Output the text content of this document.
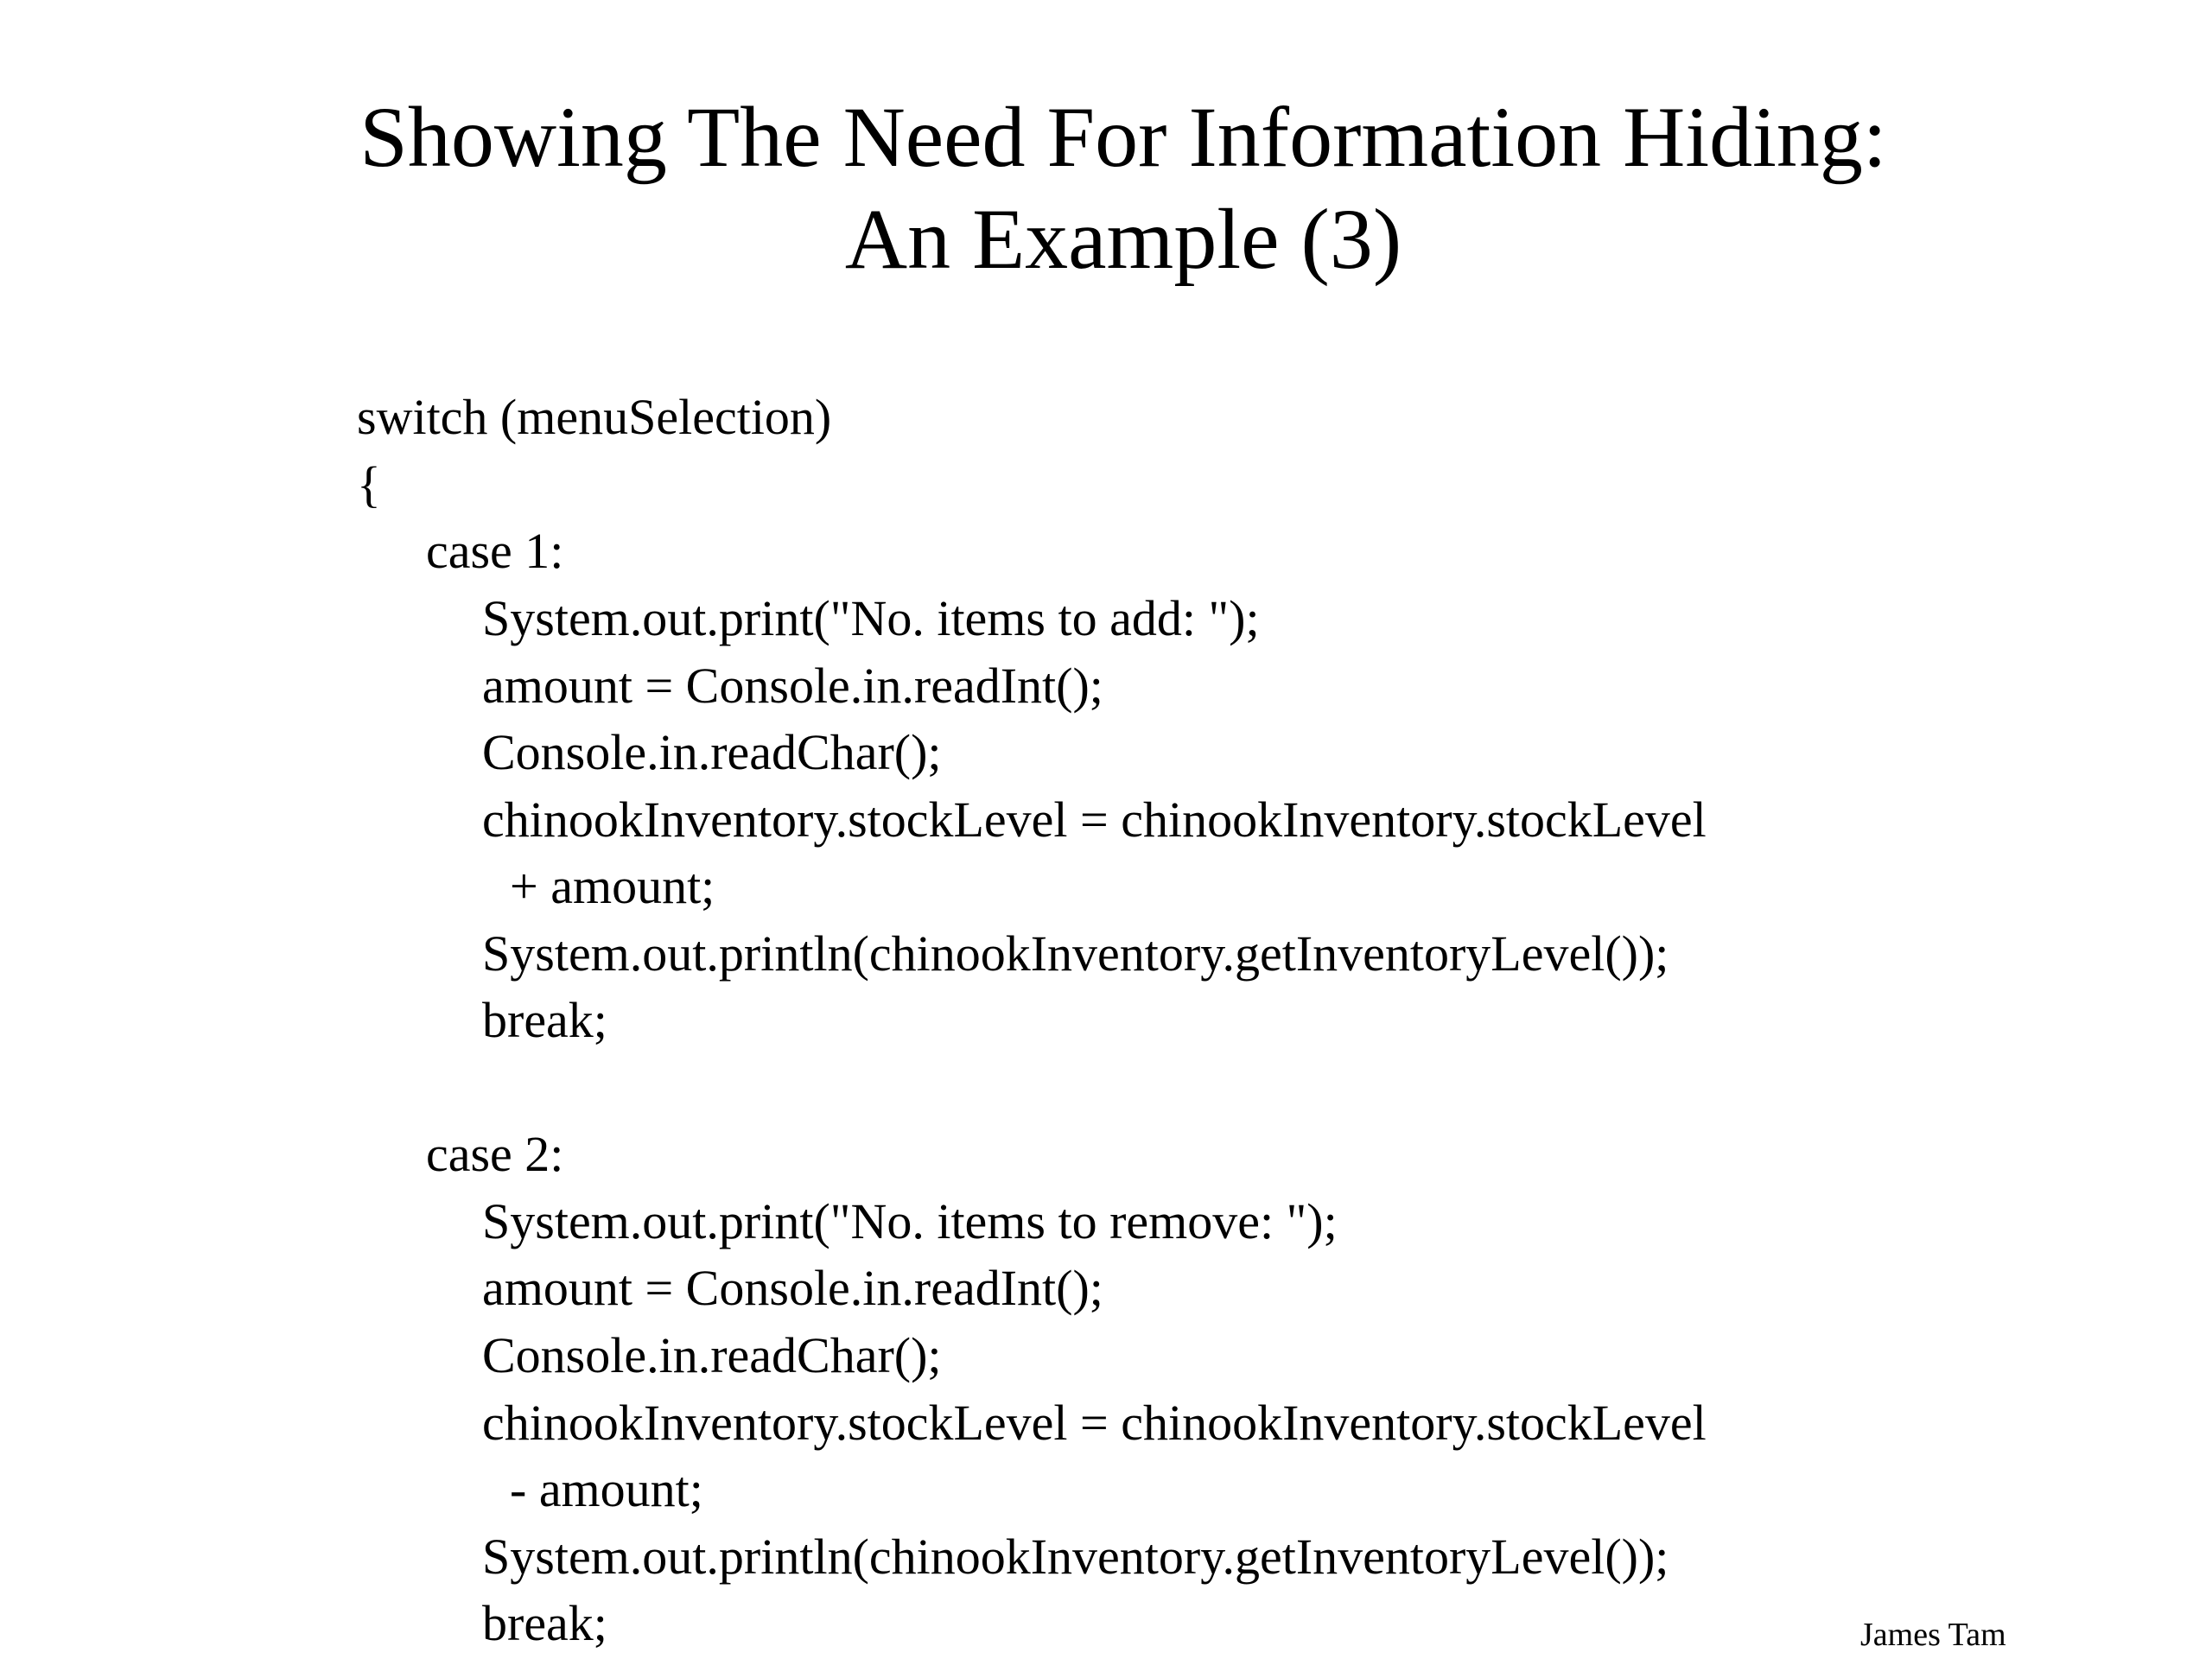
Showing The Need For Information Hiding:
An Example (3)
switch (menuSelection)
{
case 1:
System.out.print("No. items to add: ");
amount = Console.in.readInt();
Console.in.readChar();
chinookInventory.stockLevel = chinookInventory.stockLevel
+ amount;
System.out.println(chinookInventory.getInventoryLevel());
break;
case 2:
System.out.print("No. items to remove: ");
amount = Console.in.readInt();
Console.in.readChar();
chinookInventory.stockLevel = chinookInventory.stockLevel
- amount;
System.out.println(chinookInventory.getInventoryLevel());
break;	James Tam
